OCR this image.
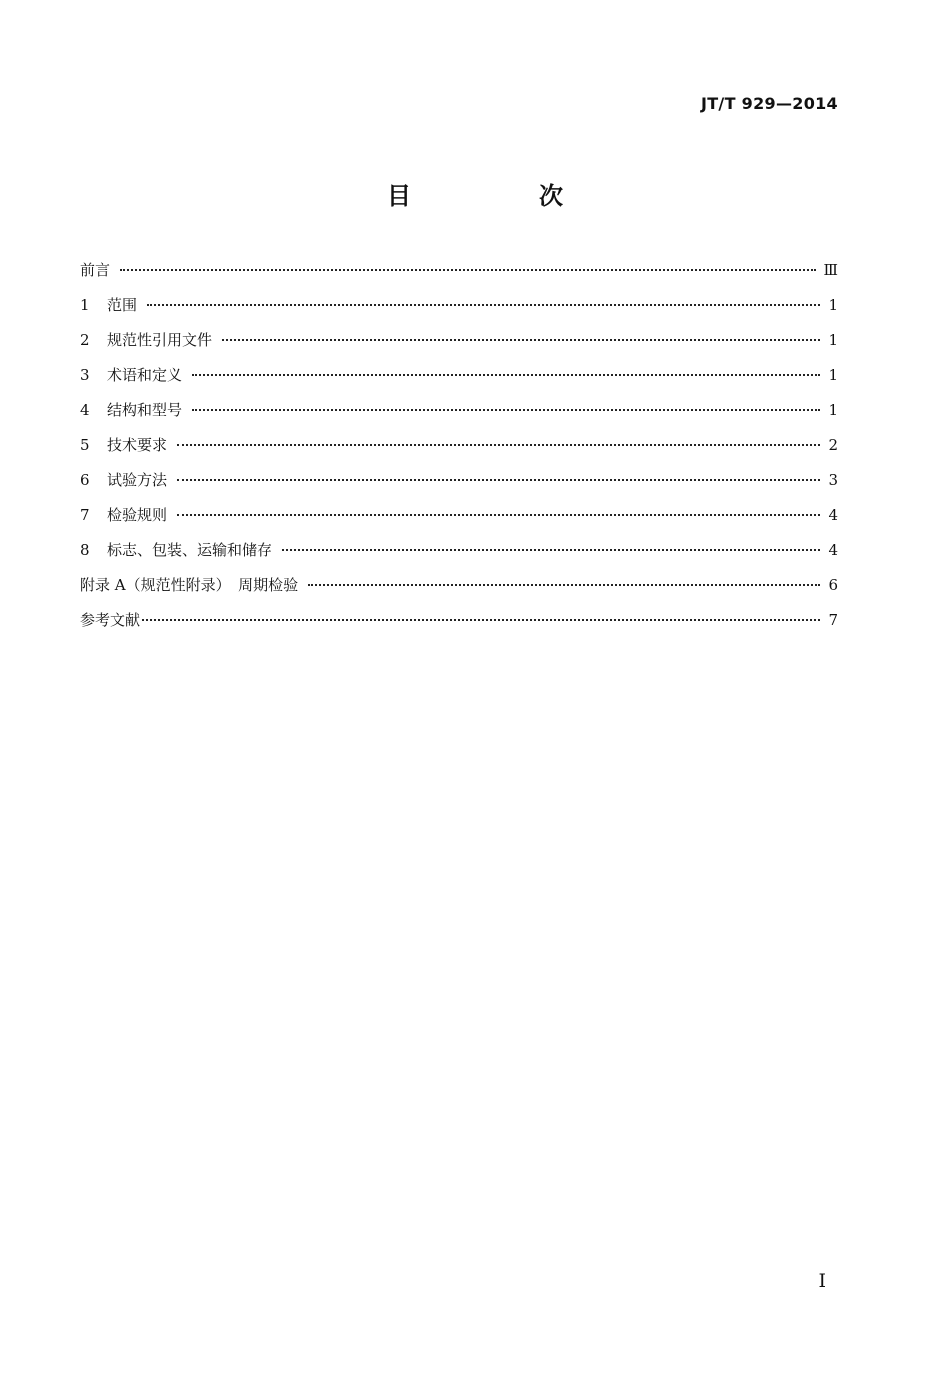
JT/T 929—2014
目　次
前言	Ⅲ
1	范围	1
2	规范性引用文件	1
3	术语和定义	1
4	结构和型号	1
5	技术要求	2
6	试验方法	3
7	检验规则	4
8	标志、包装、运输和储存	4
附录 A（规范性附录）　周期检验	6
参考文献	7
I
